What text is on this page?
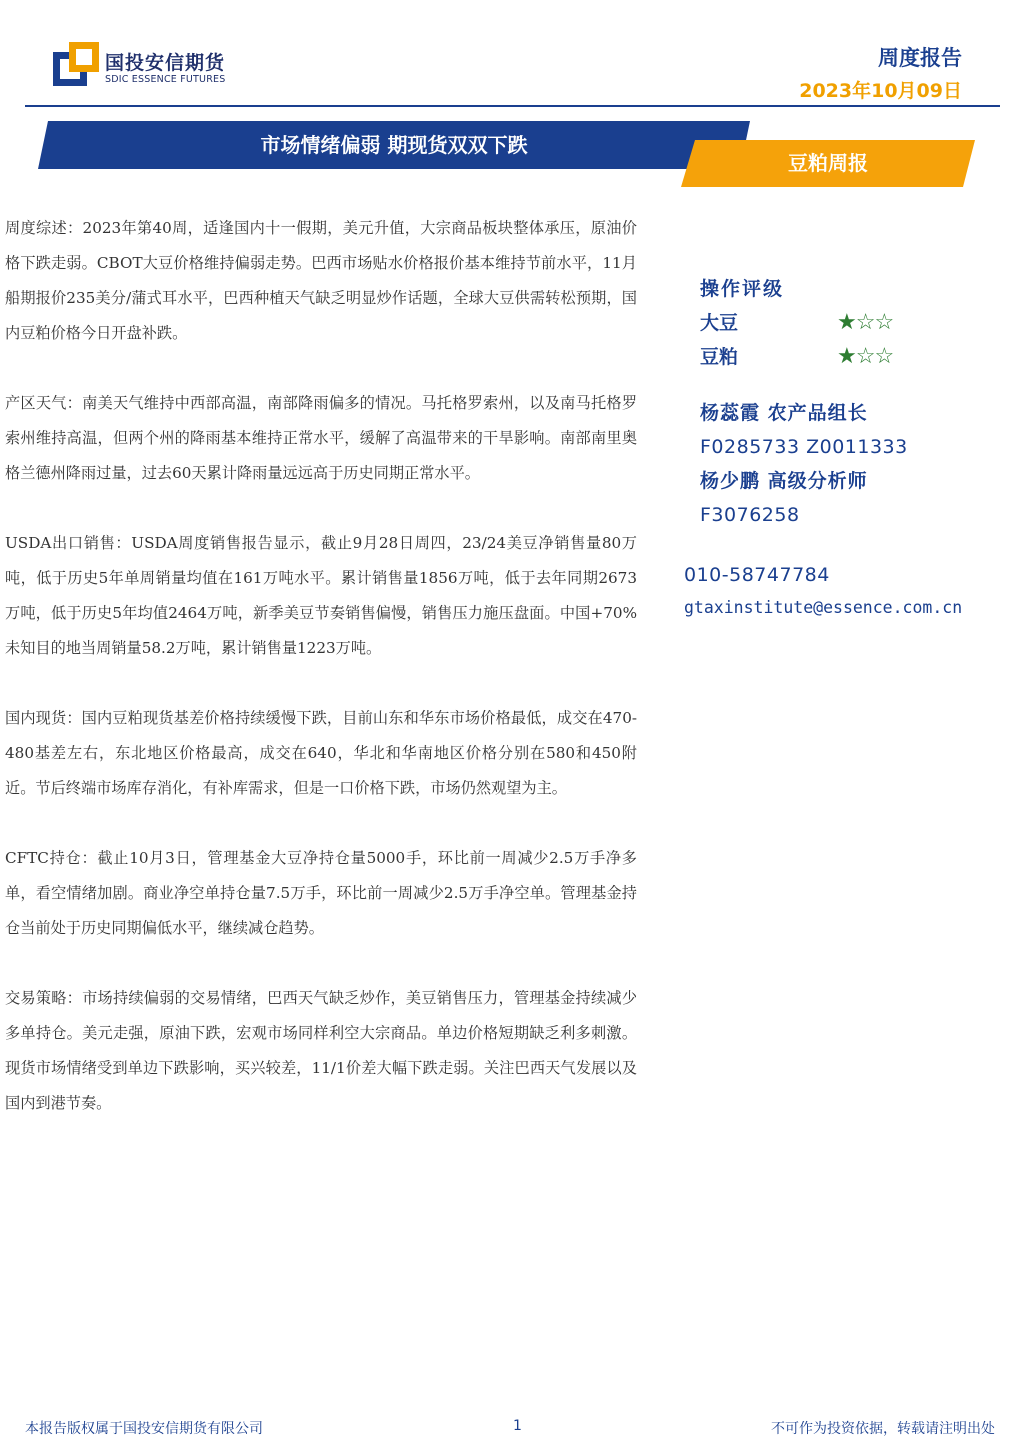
国投安信期货
SDIC ESSENCE FUTURES
周度报告
2023年10月09日
市场情绪偏弱 期现货双双下跌
豆粕周报

周度综述：2023年第40周，适逢国内十一假期，美元升值，大宗商品板块整体承压，原油价格下跌走弱。CBOT大豆价格维持偏弱走势。巴西市场贴水价格报价基本维持节前水平，11月船期报价235美分/蒲式耳水平，巴西种植天气缺乏明显炒作话题，全球大豆供需转松预期，国内豆粕价格今日开盘补跌。

产区天气：南美天气维持中西部高温，南部降雨偏多的情况。马托格罗索州，以及南马托格罗索州维持高温，但两个州的降雨基本维持正常水平，缓解了高温带来的干旱影响。南部南里奥格兰德州降雨过量，过去60天累计降雨量远远高于历史同期正常水平。

USDA出口销售：USDA周度销售报告显示，截止9月28日周四，23/24美豆净销售量80万吨，低于历史5年单周销量均值在161万吨水平。累计销售量1856万吨，低于去年同期2673万吨，低于历史5年均值2464万吨，新季美豆节奏销售偏慢，销售压力施压盘面。中国+70%未知目的地当周销量58.2万吨，累计销售量1223万吨。

国内现货：国内豆粕现货基差价格持续缓慢下跌，目前山东和华东市场价格最低，成交在470-480基差左右，东北地区价格最高，成交在640，华北和华南地区价格分别在580和450附近。节后终端市场库存消化，有补库需求，但是一口价格下跌，市场仍然观望为主。

CFTC持仓：截止10月3日，管理基金大豆净持仓量5000手，环比前一周减少2.5万手净多单，看空情绪加剧。商业净空单持仓量7.5万手，环比前一周减少2.5万手净空单。管理基金持仓当前处于历史同期偏低水平，继续减仓趋势。

交易策略：市场持续偏弱的交易情绪，巴西天气缺乏炒作，美豆销售压力，管理基金持续减少多单持仓。美元走强，原油下跌，宏观市场同样利空大宗商品。单边价格短期缺乏利多刺激。现货市场情绪受到单边下跌影响，买兴较差，11/1价差大幅下跌走弱。关注巴西天气发展以及国内到港节奏。

操作评级
大豆	★☆☆
豆粕	★☆☆
杨蕊霞 农产品组长
F0285733 Z0011333
杨少鹏 高级分析师
F3076258
010-58747784
gtaxinstitute@essence.com.cn
本报告版权属于国投安信期货有限公司	1	不可作为投资依据，转载请注明出处
